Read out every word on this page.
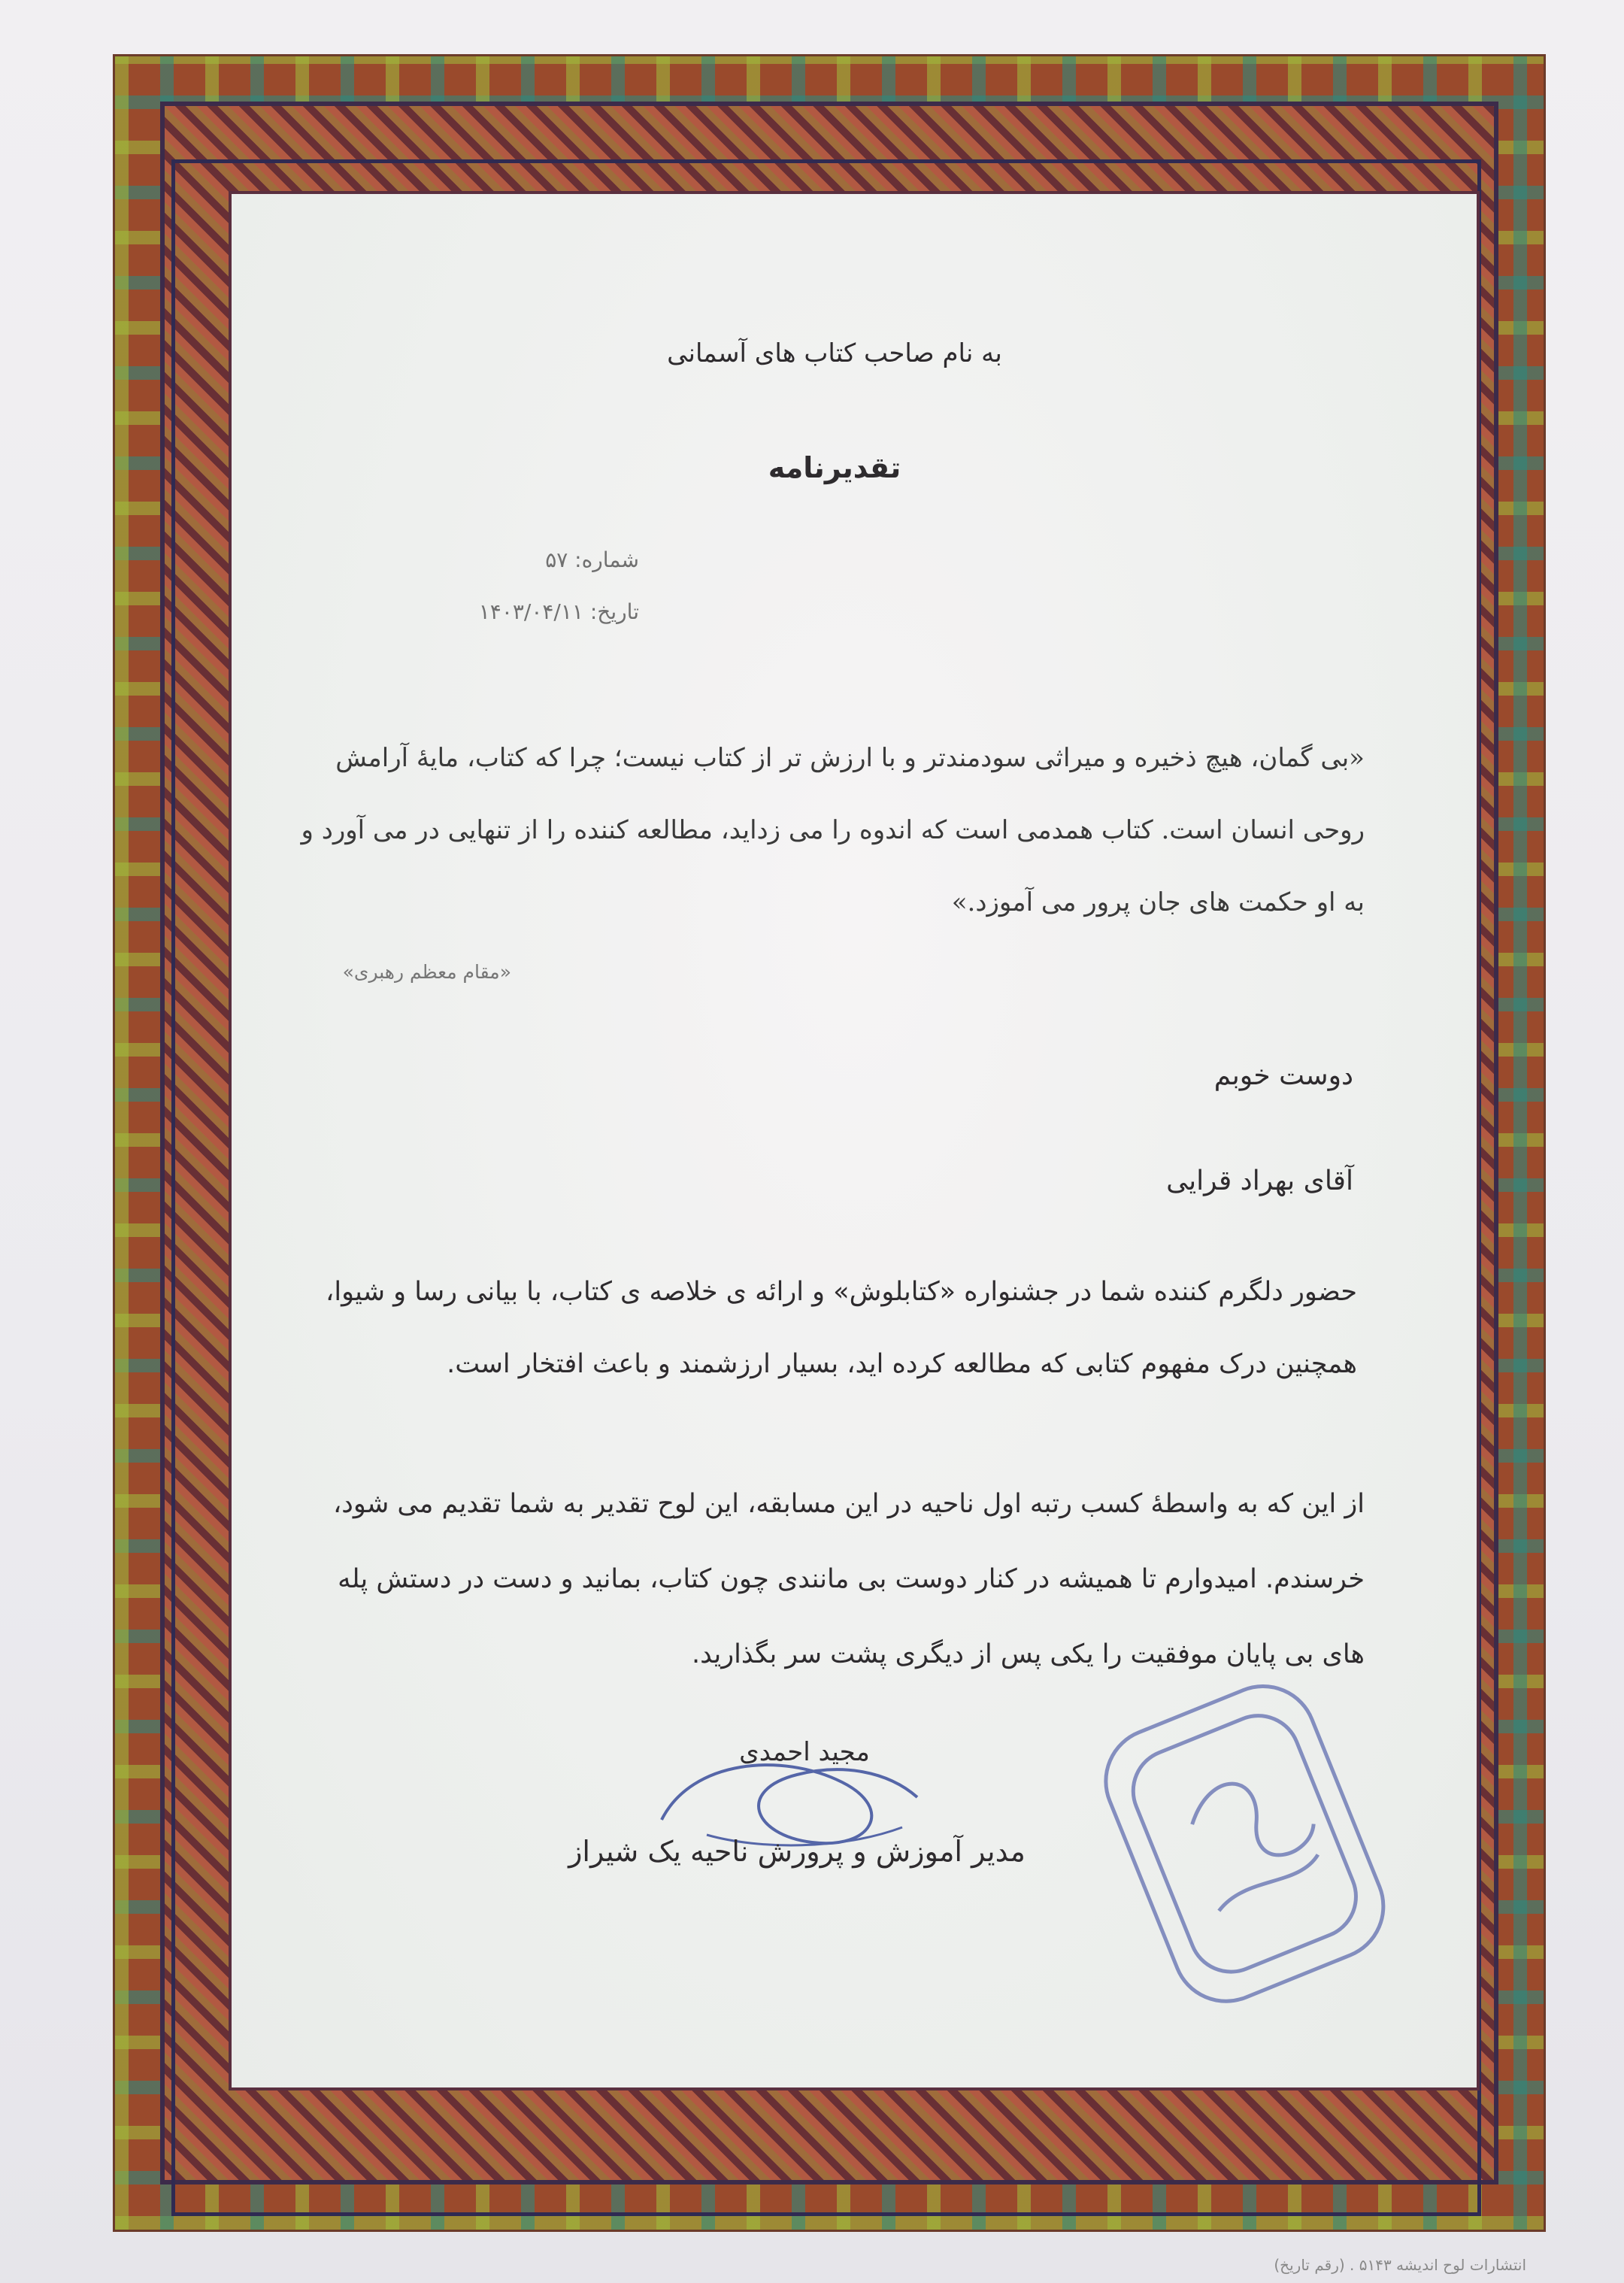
به نام صاحب کتاب های آسمانی
تقدیرنامه
شماره: ۵۷
تاریخ: ۱۴۰۳/۰۴/۱۱
«بی گمان، هیچ ذخیره و میراثی سودمندتر و با ارزش تر از کتاب نیست؛ چرا که کتاب، مایهٔ آرامش روحی انسان است. کتاب همدمی است که اندوه را می زداید، مطالعه کننده را از تنهایی در می آورد و به او حکمت های جان پرور می آموزد.»
«مقام معظم رهبری»
دوست خوبم
آقای بهراد قرایی
حضور دلگرم کننده شما در جشنواره «کتابلوش» و ارائه ی خلاصه ی کتاب، با بیانی رسا و شیوا، همچنین درک مفهوم کتابی که مطالعه کرده اید، بسیار ارزشمند و باعث افتخار است.
از این که به واسطهٔ کسب رتبه اول ناحیه در این مسابقه، این لوح تقدیر به شما تقدیم می شود، خرسندم. امیدوارم تا همیشه در کنار دوست بی مانندی چون کتاب، بمانید و دست در دستش پله های بی پایان موفقیت را یکی پس از دیگری پشت سر بگذارید.
مجید احمدی
مدیر آموزش و پرورش ناحیه یک شیراز
انتشارات لوح اندیشه ۵۱۴۳ . (رقم تاریخ)
